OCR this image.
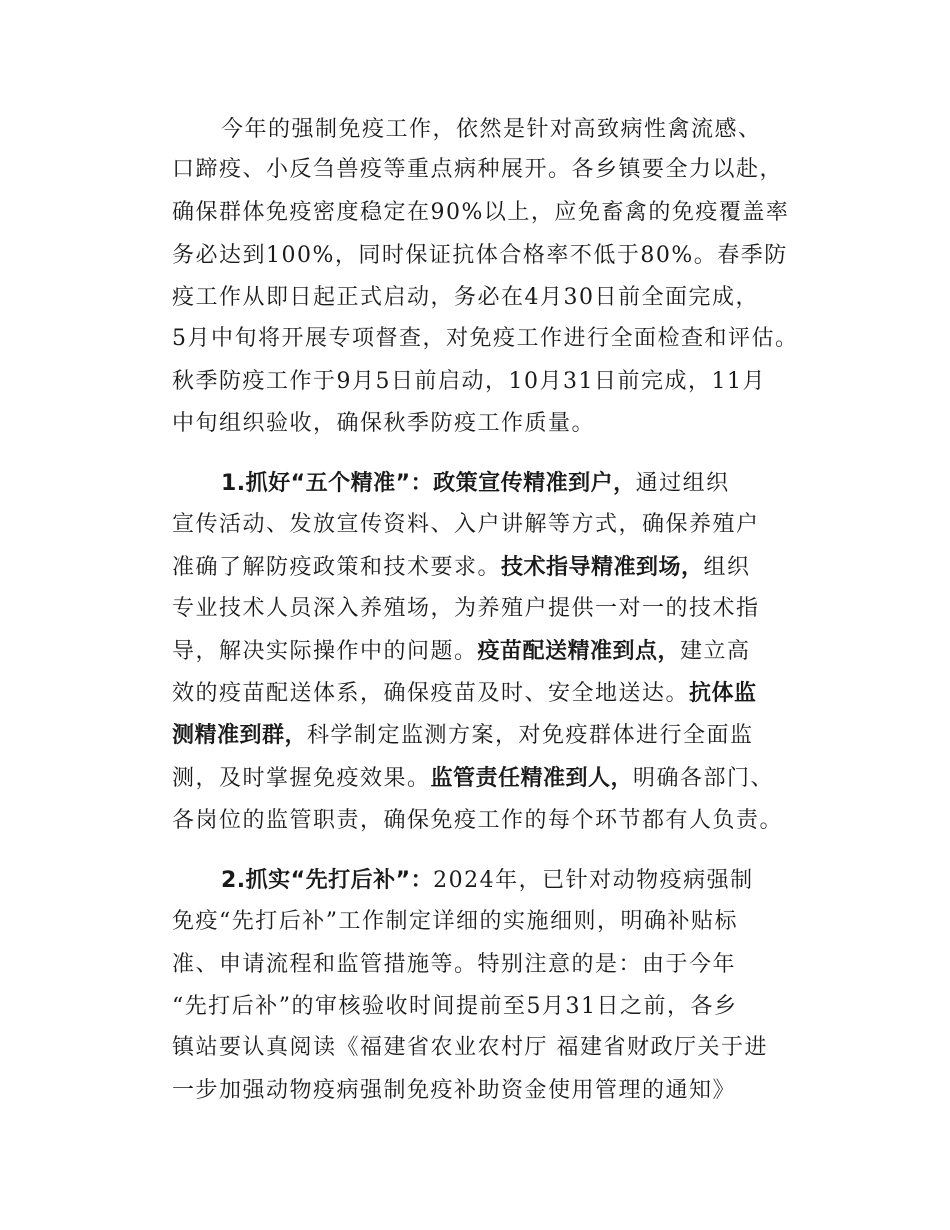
今年的强制免疫工作，依然是针对高致病性禽流感、
口蹄疫、小反刍兽疫等重点病种展开。各乡镇要全力以赴，
确保群体免疫密度稳定在90%以上，应免畜禽的免疫覆盖率
务必达到100%，同时保证抗体合格率不低于80%。春季防
疫工作从即日起正式启动，务必在4月30日前全面完成，
5月中旬将开展专项督查，对免疫工作进行全面检查和评估。
秋季防疫工作于9月5日前启动，10月31日前完成，11月
中旬组织验收，确保秋季防疫工作质量。
1.抓好“五个精准”：政策宣传精准到户，通过组织
宣传活动、发放宣传资料、入户讲解等方式，确保养殖户
准确了解防疫政策和技术要求。技术指导精准到场，组织
专业技术人员深入养殖场，为养殖户提供一对一的技术指
导，解决实际操作中的问题。疫苗配送精准到点，建立高
效的疫苗配送体系，确保疫苗及时、安全地送达。抗体监
测精准到群，科学制定监测方案，对免疫群体进行全面监
测，及时掌握免疫效果。监管责任精准到人，明确各部门、
各岗位的监管职责，确保免疫工作的每个环节都有人负责。
2.抓实“先打后补”：2024年，已针对动物疫病强制
免疫“先打后补”工作制定详细的实施细则，明确补贴标
准、申请流程和监管措施等。特别注意的是：由于今年
“先打后补”的审核验收时间提前至5月31日之前，各乡
镇站要认真阅读《福建省农业农村厅 福建省财政厅关于进
一步加强动物疫病强制免疫补助资金使用管理的通知》
